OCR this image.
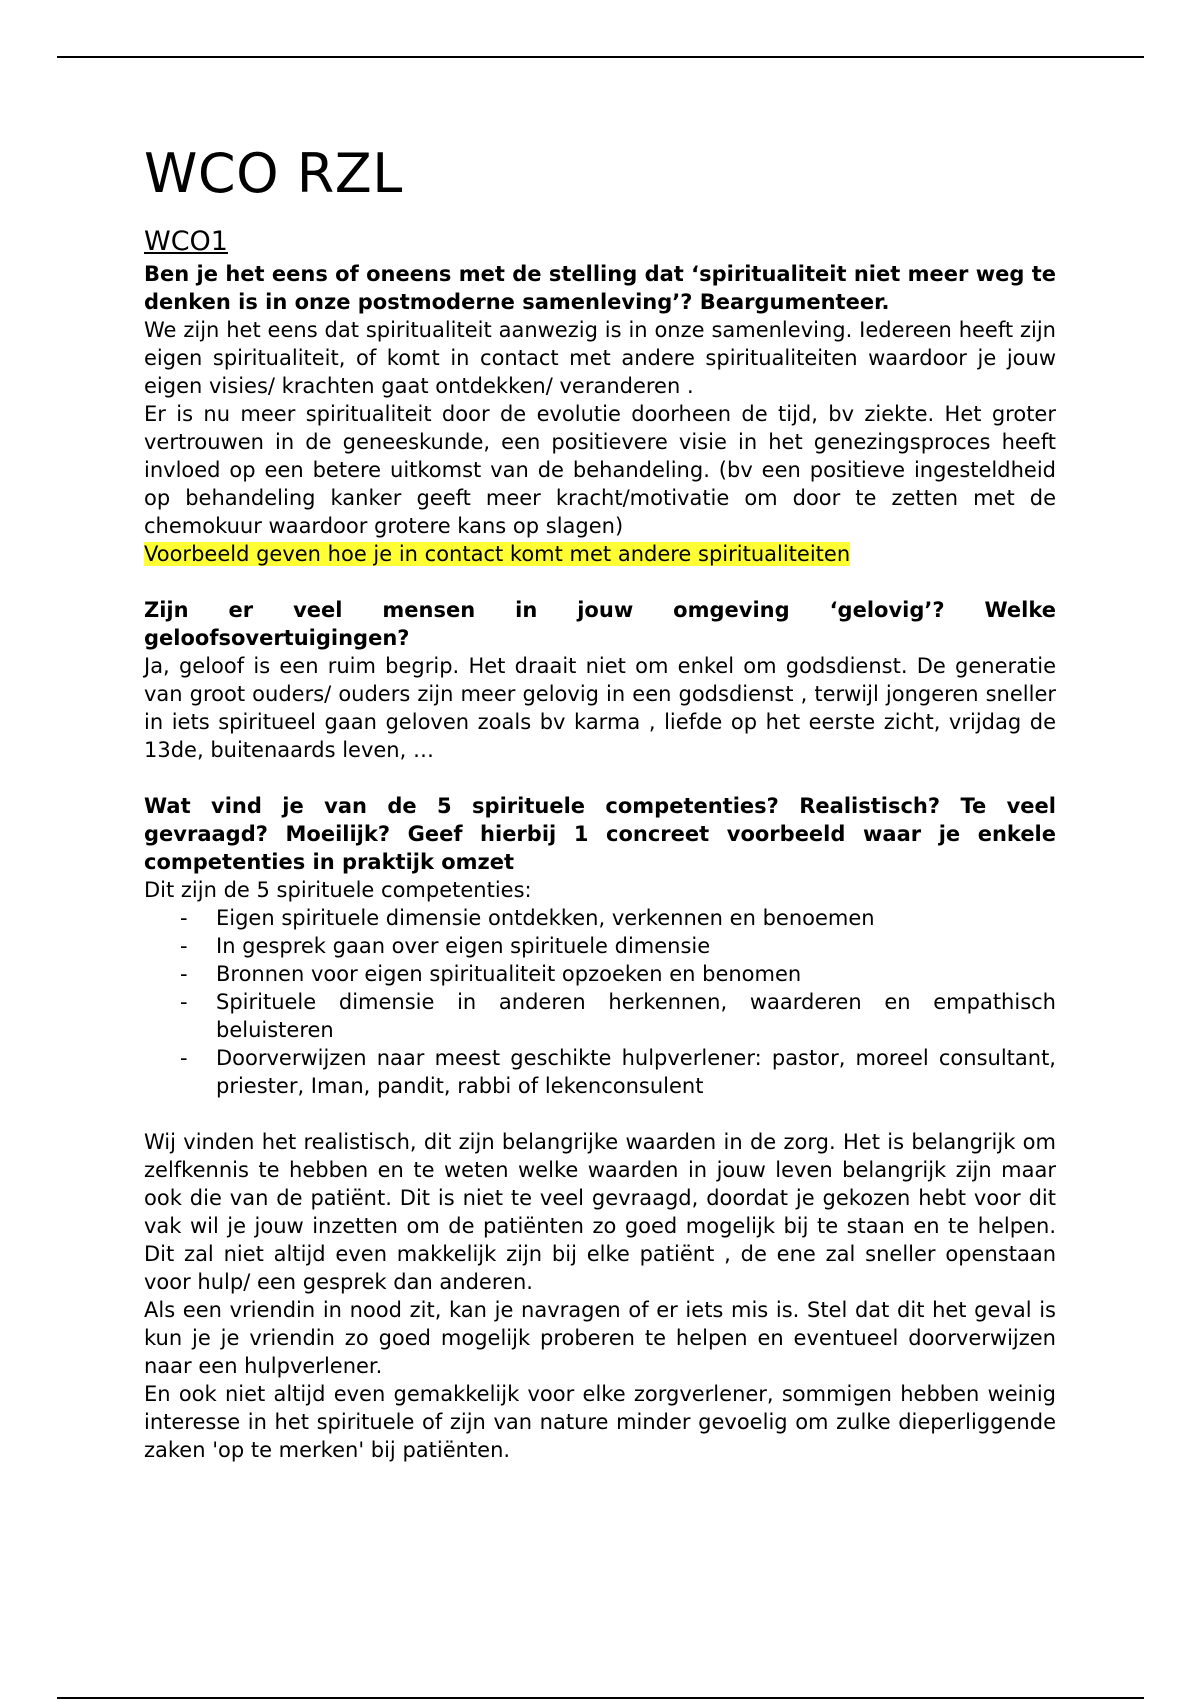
WCO RZL
WCO1

Ben je het eens of oneens met de stelling dat ‘spiritualiteit niet meer weg te denken is in onze postmoderne samenleving’? Beargumenteer.

We zijn het eens dat spiritualiteit aanwezig is in onze samenleving. Iedereen heeft zijn eigen spiritualiteit, of komt in contact met andere spiritualiteiten waardoor je jouw eigen visies/ krachten gaat ontdekken/ veranderen .

Er is nu meer spiritualiteit door de evolutie doorheen de tijd, bv ziekte. Het groter vertrouwen in de geneeskunde, een positievere visie in het genezingsproces heeft invloed op een betere uitkomst van de behandeling. (bv een positieve ingesteldheid op behandeling kanker geeft meer kracht/motivatie om door te zetten met de chemokuur waardoor grotere kans op slagen)

Voorbeeld geven hoe je in contact komt met andere spiritualiteiten

Zijn er veel mensen in jouw omgeving ‘gelovig’? Welke geloofsovertuigingen?

Ja, geloof is een ruim begrip. Het draait niet om enkel om godsdienst. De generatie van groot ouders/ ouders zijn meer gelovig in een godsdienst , terwijl jongeren sneller in iets spiritueel gaan geloven zoals bv karma , liefde op het eerste zicht, vrijdag de 13de, buitenaards leven, …

Wat vind je van de 5 spirituele competenties? Realistisch? Te veel gevraagd? Moeilijk? Geef hierbij 1 concreet voorbeeld waar je enkele competenties in praktijk omzet

Dit zijn de 5 spirituele competenties:

- Eigen spirituele dimensie ontdekken, verkennen en benoemen
- In gesprek gaan over eigen spirituele dimensie
- Bronnen voor eigen spiritualiteit opzoeken en benomen
- Spirituele dimensie in anderen herkennen, waarderen en empathisch beluisteren
- Doorverwijzen naar meest geschikte hulpverlener: pastor, moreel consultant, priester, Iman, pandit, rabbi of lekenconsulent

Wij vinden het realistisch, dit zijn belangrijke waarden in de zorg. Het is belangrijk om zelfkennis te hebben en te weten welke waarden in jouw leven belangrijk zijn maar ook die van de patiënt. Dit is niet te veel gevraagd, doordat je gekozen hebt voor dit vak wil je jouw inzetten om de patiënten zo goed mogelijk bij te staan en te helpen. Dit zal niet altijd even makkelijk zijn bij elke patiënt , de ene zal sneller openstaan voor hulp/ een gesprek dan anderen.

Als een vriendin in nood zit, kan je navragen of er iets mis is. Stel dat dit het geval is kun je je vriendin zo goed mogelijk proberen te helpen en eventueel doorverwijzen naar een hulpverlener.

En ook niet altijd even gemakkelijk voor elke zorgverlener, sommigen hebben weinig interesse in het spirituele of zijn van nature minder gevoelig om zulke dieperliggende zaken 'op te merken' bij patiënten.
